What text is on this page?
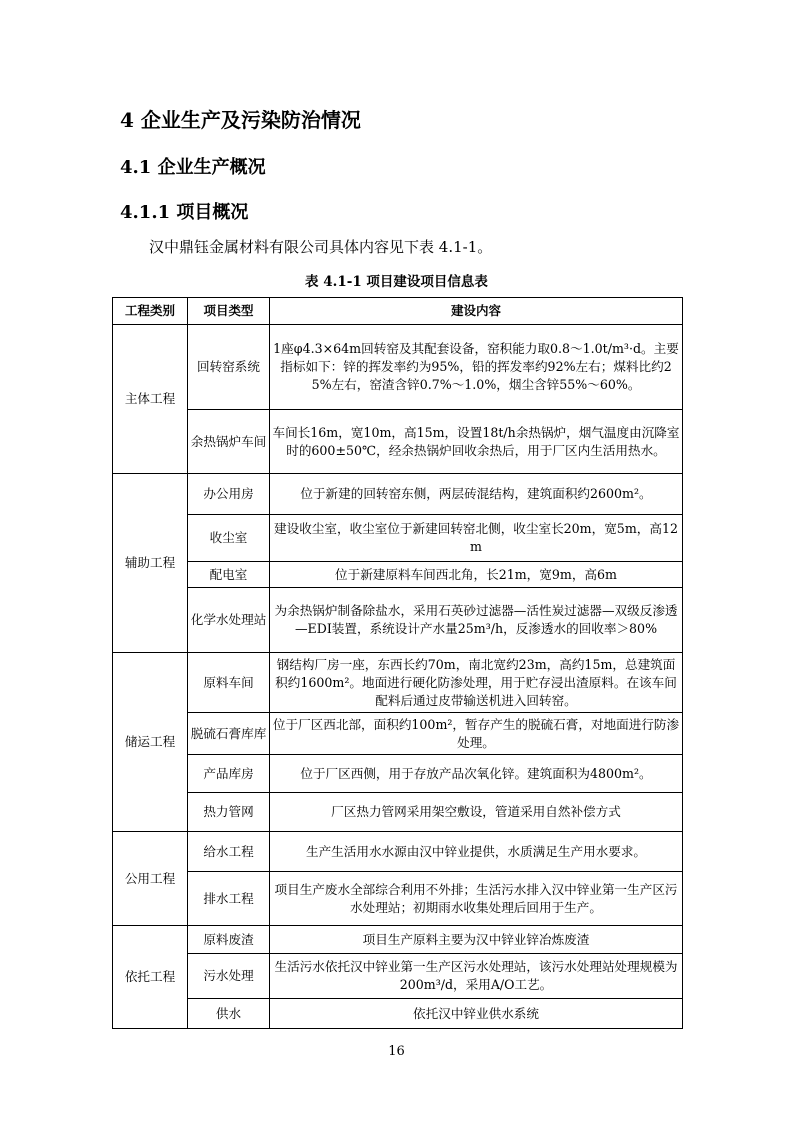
4 企业生产及污染防治情况
4.1 企业生产概况
4.1.1 项目概况

汉中鼎钰金属材料有限公司具体内容见下表 4.1-1。

表 4.1-1 项目建设项目信息表

工程类别	项目类型	建设内容
主体工程	回转窑系统	1座φ4.3×64m回转窑及其配套设备，窑积能力取0.8～1.0t/m³·d。主要指标如下：锌的挥发率约为95%，铅的挥发率约92%左右；煤料比约25%左右，窑渣含锌0.7%～1.0%，烟尘含锌55%～60%。
	余热锅炉车间	车间长16m，宽10m，高15m，设置18t/h余热锅炉，烟气温度由沉降室时的600±50℃，经余热锅炉回收余热后，用于厂区内生活用热水。
辅助工程	办公用房	位于新建的回转窑东侧，两层砖混结构，建筑面积约2600m²。
	收尘室	建设收尘室，收尘室位于新建回转窑北侧，收尘室长20m，宽5m，高12m
	配电室	位于新建原料车间西北角，长21m，宽9m，高6m
	化学水处理站	为余热锅炉制备除盐水，采用石英砂过滤器—活性炭过滤器—双级反渗透—EDI装置，系统设计产水量25m³/h，反渗透水的回收率＞80%
储运工程	原料车间	钢结构厂房一座，东西长约70m，南北宽约23m，高约15m，总建筑面积约1600m²。地面进行硬化防渗处理，用于贮存浸出渣原料。在该车间配料后通过皮带输送机进入回转窑。
	脱硫石膏库库	位于厂区西北部，面积约100m²，暂存产生的脱硫石膏，对地面进行防渗处理。
	产品库房	位于厂区西侧，用于存放产品次氧化锌。建筑面积为4800m²。
	热力管网	厂区热力管网采用架空敷设，管道采用自然补偿方式
公用工程	给水工程	生产生活用水水源由汉中锌业提供，水质满足生产用水要求。
	排水工程	项目生产废水全部综合利用不外排；生活污水排入汉中锌业第一生产区污水处理站；初期雨水收集处理后回用于生产。
依托工程	原料废渣	项目生产原料主要为汉中锌业锌冶炼废渣
	污水处理	生活污水依托汉中锌业第一生产区污水处理站，该污水处理站处理规模为200m³/d，采用A/O工艺。
	供水	依托汉中锌业供水系统

16
